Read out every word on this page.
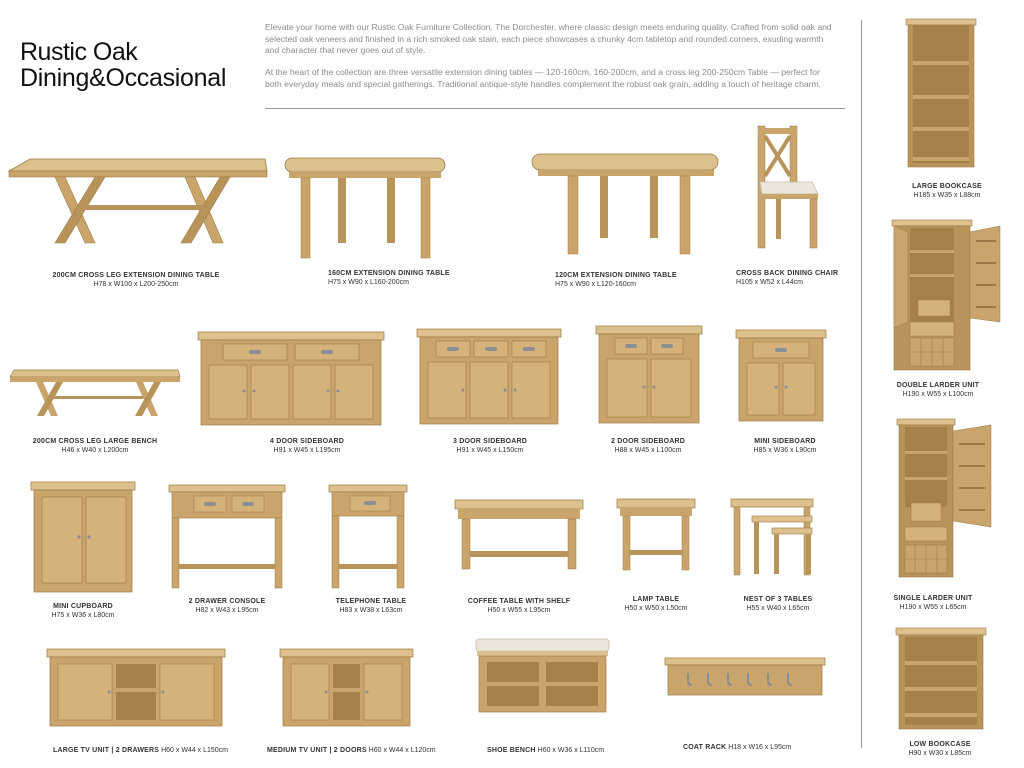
Rustic Oak
Dining&Occasional
Elevate your home with our Rustic Oak Furniture Collection, The Dorchester, where classic design meets enduring quality. Crafted from solid oak and selected oak veneers and finished in a rich smoked oak stain, each piece showcases a chunky 4cm tabletop and rounded corners, exuding warmth and character that never goes out of style.
At the heart of the collection are three versatile extension dining tables — 120-160cm, 160-200cm, and a cross leg 200-250cm Table — perfect for both everyday meals and special gatherings. Traditional antique-style handles complement the robust oak grain, adding a touch of heritage charm.
200CM CROSS LEG EXTENSION DINING TABLE
H78 x W100 x L200-250cm
160CM EXTENSION DINING TABLE
H75 x W90 x L160-200cm
120CM EXTENSION DINING TABLE
H75 x W90 x L120-160cm
CROSS BACK DINING CHAIR
H105 x W52 x L44cm
LARGE BOOKCASE
H185 x W35 x L88cm
200CM CROSS LEG LARGE BENCH
H46 x W40 x L200cm
4 DOOR SIDEBOARD
H91 x W45 x L195cm
3 DOOR SIDEBOARD
H91 x W45 x L150cm
2 DOOR SIDEBOARD
H88 x W45 x L100cm
MINI SIDEBOARD
H85 x W36 x L90cm
DOUBLE LARDER UNIT
H190 x W55 x L100cm
MINI CUPBOARD
H75 x W36 x L80cm
2 DRAWER CONSOLE
H82 x W43 x L95cm
TELEPHONE TABLE
H83 x W38 x L63cm
COFFEE TABLE WITH SHELF
H50 x W55 x L95cm
LAMP TABLE
H50 x W50 x L50cm
NEST OF 3 TABLES
H55 x W40 x L65cm
SINGLE LARDER UNIT
H190 x W55 x L65cm
LARGE TV UNIT | 2 DRAWERS H60 x W44 x L150cm	MEDIUM TV UNIT | 2 DOORS H60 x W44 x L120cm	SHOE BENCH H60 x W36 x L110cm	COAT RACK H18 x W16 x L95cm	LOW BOOKCASE
H90 x W30 x L85cm
